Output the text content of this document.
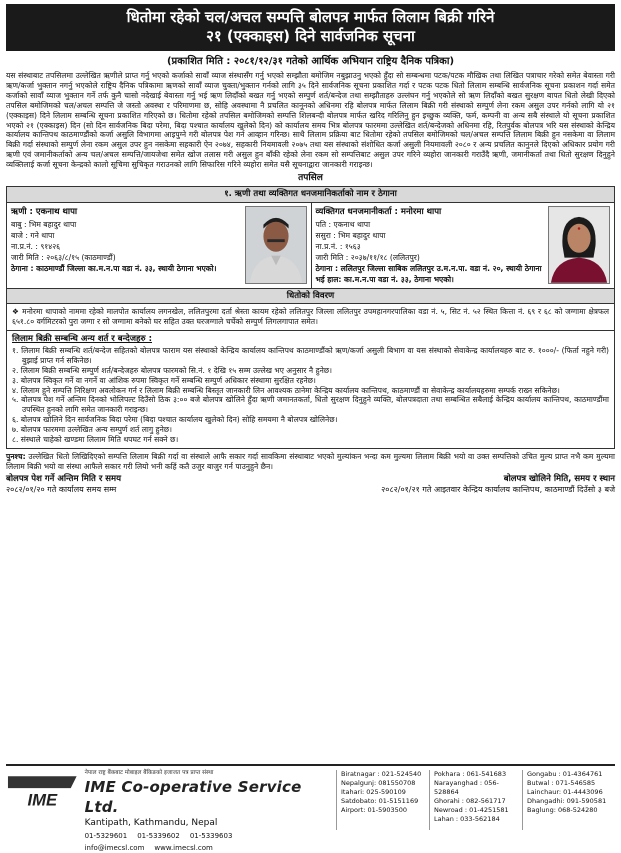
धितोमा रहेको चल/अचल सम्पत्ति बोलपत्र मार्फत लिलाम बिक्री गरिने
२१ (एक्काइस) दिने सार्वजनिक सूचना
(प्रकाशित मिति : २०८१/१२/३१ गतेको आर्थिक अभियान राष्ट्रिय दैनिक पत्रिका)

यस संस्थाबाट तपसिलमा उल्लेखित ऋणीले प्राप्त गर्नु भएको कर्जाको सावाँ व्याज संस्थासँग गर्नु भएको सम्झौता बमोजिम नबुझाउनु भएको हुँदा सो सम्बन्धमा पटक/पटक मौखिक तथा लिखित पत्राचार गरेको समेत बेवास्ता गरी ऋण/कर्जा भुक्तान नगर्नु भएकोले राष्ट्रिय दैनिक पत्रिकामा ऋणको सावाँ व्याज चुक्ता/भुक्तान गर्नको लागि ३५ दिने सार्वजनिक सूचना प्रकाशित गर्दा र पटक पटक धितो लिलाम सम्बन्धि सार्वजनिक सूचना प्रकाशन गर्दा समेत कर्जाको सावाँ व्याज भुक्तान गर्ने तर्फ कुनै चासो नदेखाई बेवास्ता गर्नु भई ऋण लिदाँको बखत गर्नु भएको सम्पुर्ण शर्त/बन्देज तथा सम्झौताहरु उल्लंघन गर्नु भएकोले सो ऋण लिदाँको बखत सुरक्षण बापत धितो लेखी दिएको तपसिल बमोजिमको चल/अचल सम्पत्ति जे जस्तो अवस्था र परिमाणमा छ, सोहि अवस्थामा नै प्रचलित कानूनको अधिनमा रहि बोलपत्र मार्फत लिलाम बिक्री गरी संस्थाको सम्पुर्ण लेना रकम असुल उपर गर्नको लागि यो २१ (एक्काइस) दिने लिलाम सम्बन्धि सूचना प्रकाशित गरिएको छ। धितोमा रहेको तपसिल बमोजिमको सम्पत्ति शिलबन्दी बोलपत्र मार्फत खरिद गरिलिनु हुन इच्छुक व्यक्ति, फर्म, कम्पनी वा अन्य सबै संस्थाले यो सूचना प्रकाशित भएको २१ (एक्काइस) दिन (सो दिन सार्वजनिक बिदा परेमा, बिदा पश्चात कार्यालय खुलेको दिन) को कार्यालय समय भित्र बोलपत्र फारममा उल्लेखित शर्त/बन्देजको अधिनमा रहि, रितपुर्वक बोलपत्र भरि यस संस्थाको केन्द्रिय कार्यालय कान्तिपथ काठमाण्डौंको कर्जा असुलि विभागमा आइपुग्ने गरी बोलपत्र पेश गर्न आव्हान गरिन्छ। साथै लिलाम प्रक्रिया बाट धितोमा रहेको तपसिल बमोजिमको चल/अचल सम्पत्ति लिलाम बिक्री हुन नसकेमा वा लिलाम बिक्री गर्दा संस्थाको सम्पुर्ण लेना रकम असुल उपर हुन नसकेमा सहकारी ऐन २०७४, सहकारी नियमावली २०७५ तथा यस संस्थाको संशोधित कर्जा असुली नियमावली २०८० र अन्य प्रचलित कानुनले दिएको अधिकार प्रयोग गरी ऋणी एवं जमानीकर्ताको अन्य चल/अचल सम्पत्ति/जायजेथा समेत खोज तलास गरी असुल हुन बाँकी रहेको लेना रकम सो सम्पत्तिबाट असुल उपर गरिने व्यहोरा जानकारी गराउँदै ऋणी, जमानीकर्ता तथा धितो सुरक्षण दिनुहुने व्यक्तिलाई कर्जा सूचना केन्द्रको कालो सूचिमा सुचिकृत गराउनको लागि सिफारिस गरिने व्यहोरा समेत यसै सूचनाद्वारा जानकारी गराइन्छ।

तपसिल
१. ऋणी तथा व्यक्तिगत धनजमानिकर्ताको नाम र ठेगाना
ऋणी : एकनाथ थापा
बाबु : भिम बहादुर थापा
बाजे : गने थापा
ना.प्र.नं. : ९१४२६
जारी मिति : २०६३/८/१५ (काठमाण्डौं)
ठेगाना : काठमाण्डौं जिल्ला का.म.न.पा वडा नं. ३३, स्थायी ठेगाना भएको।
व्यक्तिगत धनजमानीकर्ता : मनोरमा थापा
पति : एकनाथ थापा
ससुरा : भिम बहादुर थापा
ना.प्र.नं. : १५६३
जारी मिति : २०३७/११/१८ (ललितपुर)
ठेगाना : ललितपुर जिल्ला साबिक ललितपुर उ.म.न.पा. वडा नं. २०, स्थायी ठेगाना भई हाल: का.म.न.पा वडा नं. ३३, ठेगाना भएको।
धितोको विवरण
❖ मनोरमा थापाको नाममा रहेको मालपोत कार्यालय लगनखेल, ललितपुरमा दर्ता श्रेस्ता कायम रहेको ललितपुर जिल्ला ललितपुर उपमहानगरपालिका वडा नं. ५, सिट नं. ५२ स्थित कित्ता नं. ६९ र ६८ को जग्गामा क्षेत्रफल ६५१.८० वर्गमिटरको पुरा जग्गा र सो जग्गामा बनेको घर सहित उक्त घरजग्गाले चर्चेको सम्पुर्ण लिगलगापात समेत।
लिलाम बिक्री सम्बन्धि अन्य शर्त र बन्देजहरु :
१. लिलाम बिक्री सम्बन्धि शर्त/बन्देज सहितको बोलपत्र फाराम यस संस्थाको केन्द्रिय कार्यालय कान्तिपथ काठमाण्डौंको ऋण/कर्जा असुली बिभाग वा यस संस्थाको सेवाकेन्द्र कार्यालयहरु बाट रु. १०००/- (फिर्ता नहुने गरी) बुझाई प्राप्त गर्न सकिनेछ।
२. लिलाम बिक्री सम्बन्धि सम्पुर्ण शर्त/बन्देजहरु बोलपत्र फारमको सि.नं. १ देखि १५ सम्म उल्लेख भए अनुसार नै हुनेछ।
३. बोलपत्र स्विकृत गर्ने वा नगर्ने वा आंशिक रुपमा स्विकृत गर्ने सम्बन्धि सम्पुर्ण अधिकार संस्थामा सुरक्षित रहनेछ।
४. लिलाम हुने सम्पत्ति निरिक्षण अवलोकन गर्न र लिलाम बिक्री सम्बन्धि बिस्तृत जानकारी लिन आवश्यक ठानेमा केन्द्रिय कार्यालय कान्तिपथ, काठमाण्डौं वा सेवाकेन्द्र कार्यालयहरुमा सम्पर्क राख्न सकिनेछ।
५. बोलपत्र पेश गर्ने अन्तिम दिनको भोलिपल्ट दिउँसो ठिक ३:०० बजे बोलपत्र खोलिने हुँदा ऋणी जमानतकर्ता, धितो सुरक्षण दिनुहुने व्यक्ति, बोलपत्रदाता तथा सम्बन्धित सबैलाई केन्द्रिय कार्यालय कान्तिपथ, काठमाण्डौंमा उपस्थित हुनको लागि समेत जानकारी गराइन्छ।
६. बोलपत्र खोलिने दिन सार्वजनिक बिदा परेमा (बिदा पश्चात कार्यालय खुलेको दिन) सोहि समयमा नै बोलपत्र खोलिनेछ।
७. बोलपत्र फारममा उल्लेखित अन्य सम्पुर्ण शर्त लागु हुनेछ।
८. संस्थाले चाहेको खण्डमा लिलाम मिति थपघट गर्न सक्ने छ।
पुनश्च: उल्लेखित धितो लिखिदिएको सम्पत्ति लिलाम बिक्री गर्दा वा संस्थाले आफै सकार गर्दा सावकिमा संस्थाबाट भएको मुल्यांकन भन्दा कम मुल्यमा लिलाम बिक्री भयो वा उक्त सम्पत्तिको उचित मुल्य प्राप्त नभै कम मुल्यमा लिलाम बिक्री भयो वा संस्था आफैले सकार गरी लियो भनी कहिं कतै उजुर बाजुर गर्न पाउनुहुने छैन।
बोलपत्र पेश गर्ने अन्तिम मिति र समय
२०८२/०१/२० गते कार्यालय समय सम्म
बोलपत्र खोलिने मिति, समय र स्थान
२०८२/०१/२१ गते आइतवार केन्द्रिय कार्यालय कान्तिपथ, काठमाण्डौं दिउँसो ३ बजे
IME
नेपाल राष्ट्र बैंकबाट मोबाइल बैंकिङको इजाजत पत्र प्राप्त संस्था
IME Co-operative Service Ltd.
Kantipath, Kathmandu, Nepal
01-5329601 01-5339602 01-5339603
info@imecsl.com www.imecsl.com
Biratnagar : 021-524540
Nepalgunj: 081550708
Itahari: 025-590109
Satdobato: 01-5151169
Airport: 01-5903500
Pokhara : 061-541683
Narayanghad : 056-528864
Ghorahi : 082-561717
Newroad : 01-4251581
Lahan : 033-562184
Gongabu : 01-4364761
Butwal : 071-546585
Lainchaur: 01-4443096
Dhangadhi: 091-590581
Baglung: 068-524280
